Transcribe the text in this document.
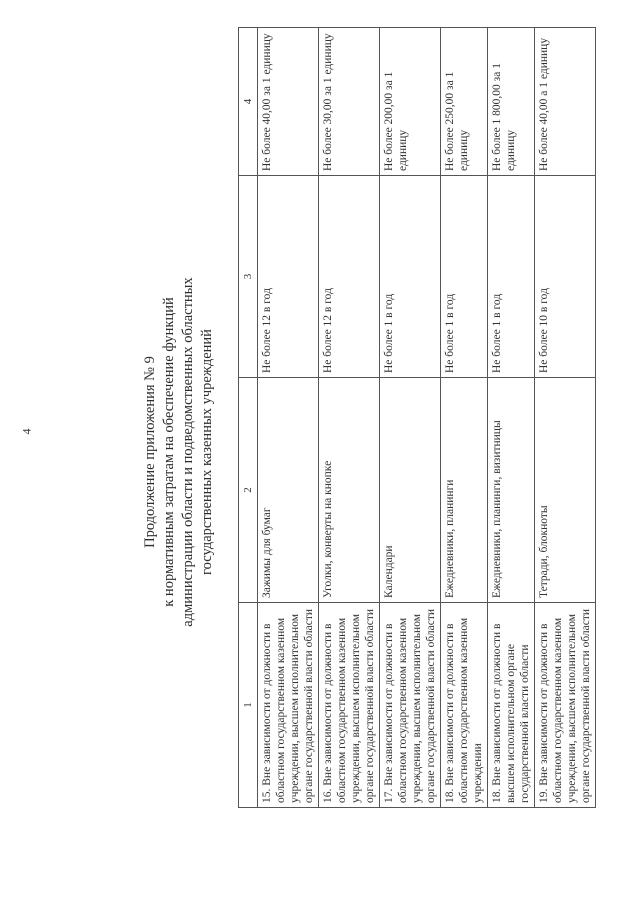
4	Продолжение приложения № 9 к нормативным затратам на обеспечение функций администрации области и подведомственных областных государственных казенных учреждений
1	2	3	4
15. Вне зависимости от должности в областном государственном казенном учреждении, высшем исполнительном органе государственной власти области	Зажимы для бумаг	Не более 12 в год	Не более 40,00 за 1 единицу
16. Вне зависимости от должности в областном государственном казенном учреждении, высшем исполнительном органе государственной власти области	Уголки, конверты на кнопке	Не более 12 в год	Не более 30,00 за 1 единицу
17. Вне зависимости от должности в областном государственном казенном учреждении, высшем исполнительном органе государственной власти области	Календари	Не более 1 в год	Не более 200,00 за 1 единицу
18. Вне зависимости от должности в областном государственном казенном учреждении	Ежедневники, планинги	Не более 1 в год	Не более 250,00 за 1 единицу
18. Вне зависимости от должности в высшем исполнительном органе государственной власти области	Ежедневники, планинги, визитницы	Не более 1 в год	Не более 1 800,00 за 1 единицу
19. Вне зависимости от должности в областном государственном казенном учреждении, высшем исполнительном органе государственной власти области	Тетради, блокноты	Не более 10 в год	Не более 40,00 а 1 единицу
